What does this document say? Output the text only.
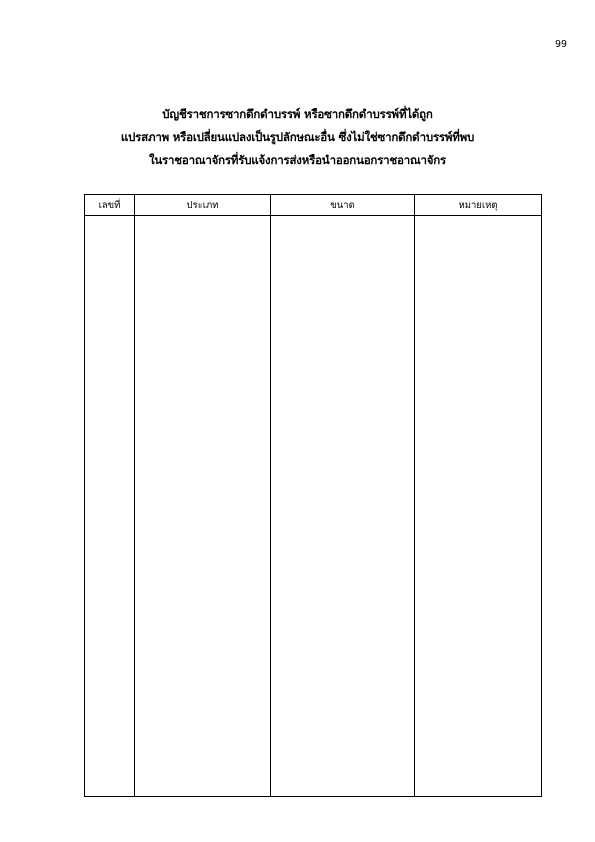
99
บัญชีราชการซากดึกดำบรรพ์ หรือซากดึกดำบรรพ์ที่ได้ถูก
แปรสภาพ หรือเปลี่ยนแปลงเป็นรูปลักษณะอื่น ซึ่งไม่ใช่ซากดึกดำบรรพ์ที่พบ
ในราชอาณาจักรที่รับแจ้งการส่งหรือนำออกนอกราชอาณาจักร
เลขที่	ประเภท	ขนาด	หมายเหตุ
